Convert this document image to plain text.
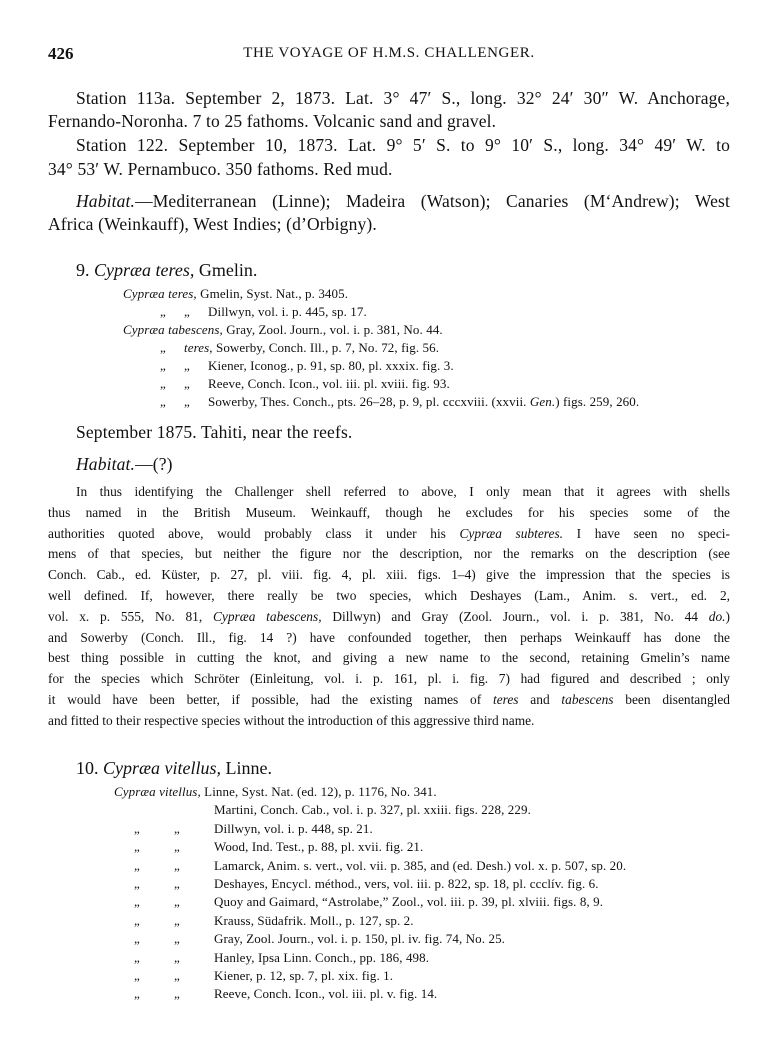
426	THE VOYAGE OF H.M.S. CHALLENGER.
Station 113a. September 2, 1873. Lat. 3° 47′ S., long. 32° 24′ 30″ W. Anchorage,
Fernando-Noronha. 7 to 25 fathoms. Volcanic sand and gravel.
Station 122. September 10, 1873. Lat. 9° 5′ S. to 9° 10′ S., long. 34° 49′ W. to
34° 53′ W. Pernambuco. 350 fathoms. Red mud.
Habitat.—Mediterranean (Linne); Madeira (Watson); Canaries (M‘Andrew); West
Africa (Weinkauff), West Indies; (d’Orbigny).
9. Cypræa teres, Gmelin.
Cypræa teres, Gmelin, Syst. Nat., p. 3405.
„ „ Dillwyn, vol. i. p. 445, sp. 17.
Cypræa tabescens, Gray, Zool. Journ., vol. i. p. 381, No. 44.
„ teres, Sowerby, Conch. Ill., p. 7, No. 72, fig. 56.
„ „ Kiener, Iconog., p. 91, sp. 80, pl. xxxix. fig. 3.
„ „ Reeve, Conch. Icon., vol. iii. pl. xviii. fig. 93.
„ „ Sowerby, Thes. Conch., pts. 26–28, p. 9, pl. cccxviii. (xxvii. Gen.) figs. 259, 260.
September 1875. Tahiti, near the reefs.
Habitat.—(?)
In thus identifying the Challenger shell referred to above, I only mean that it agrees with shells
thus named in the British Museum. Weinkauff, though he excludes for his species some of the
authorities quoted above, would probably class it under his Cypræa subteres. I have seen no speci-
mens of that species, but neither the figure nor the description, nor the remarks on the description (see
Conch. Cab., ed. Küster, p. 27, pl. viii. fig. 4, pl. xiii. figs. 1–4) give the impression that the species is
well defined. If, however, there really be two species, which Deshayes (Lam., Anim. s. vert., ed. 2,
vol. x. p. 555, No. 81, Cypræa tabescens, Dillwyn) and Gray (Zool. Journ., vol. i. p. 381, No. 44 do.)
and Sowerby (Conch. Ill., fig. 14 ?) have confounded together, then perhaps Weinkauff has done the
best thing possible in cutting the knot, and giving a new name to the second, retaining Gmelin’s name
for the species which Schröter (Einleitung, vol. i. p. 161, pl. i. fig. 7) had figured and described ; only
it would have been better, if possible, had the existing names of teres and tabescens been disentangled
and fitted to their respective species without the introduction of this aggressive third name.
10. Cypræa vitellus, Linne.
Cypræa vitellus, Linne, Syst. Nat. (ed. 12), p. 1176, No. 341.
Martini, Conch. Cab., vol. i. p. 327, pl. xxiii. figs. 228, 229.
„	„	Dillwyn, vol. i. p. 448, sp. 21.
„	„	Wood, Ind. Test., p. 88, pl. xvii. fig. 21.
„	„	Lamarck, Anim. s. vert., vol. vii. p. 385, and (ed. Desh.) vol. x. p. 507, sp. 20.
„	„	Deshayes, Encycl. méthod., vers, vol. iii. p. 822, sp. 18, pl. ccclív. fig. 6.
„	„	Quoy and Gaimard, “Astrolabe,” Zool., vol. iii. p. 39, pl. xlviii. figs. 8, 9.
„	„	Krauss, Südafrik. Moll., p. 127, sp. 2.
„	„	Gray, Zool. Journ., vol. i. p. 150, pl. iv. fig. 74, No. 25.
„	„	Hanley, Ipsa Linn. Conch., pp. 186, 498.
„	„	Kiener, p. 12, sp. 7, pl. xix. fig. 1.
„	„	Reeve, Conch. Icon., vol. iii. pl. v. fig. 14.
